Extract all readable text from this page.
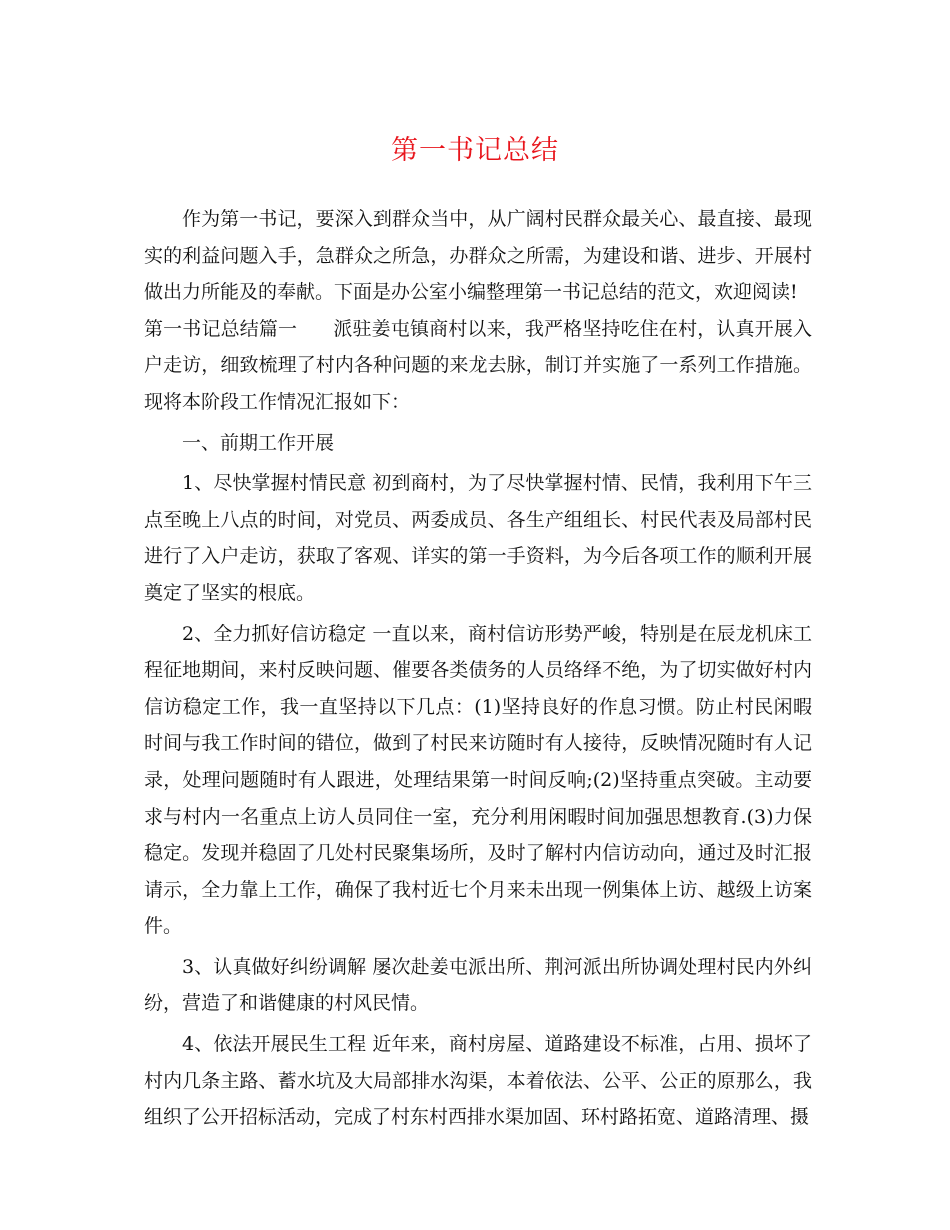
第一书记总结

作为第一书记，要深入到群众当中，从广阔村民群众最关心、最直接、最现实的利益问题入手，急群众之所急，办群众之所需，为建设和谐、进步、开展村做出力所能及的奉献。下面是办公室小编整理第一书记总结的范文，欢迎阅读!

第一书记总结篇一 派驻姜屯镇商村以来，我严格坚持吃住在村，认真开展入户走访，细致梳理了村内各种问题的来龙去脉，制订并实施了一系列工作措施。现将本阶段工作情况汇报如下：

一、前期工作开展

1、尽快掌握村情民意 初到商村，为了尽快掌握村情、民情，我利用下午三点至晚上八点的时间，对党员、两委成员、各生产组组长、村民代表及局部村民进行了入户走访，获取了客观、详实的第一手资料，为今后各项工作的顺利开展奠定了坚实的根底。

2、全力抓好信访稳定 一直以来，商村信访形势严峻，特别是在辰龙机床工程征地期间，来村反映问题、催要各类债务的人员络绎不绝，为了切实做好村内信访稳定工作，我一直坚持以下几点：(1)坚持良好的作息习惯。防止村民闲暇时间与我工作时间的错位，做到了村民来访随时有人接待，反映情况随时有人记录，处理问题随时有人跟进，处理结果第一时间反响;(2)坚持重点突破。主动要求与村内一名重点上访人员同住一室，充分利用闲暇时间加强思想教育.(3)力保稳定。发现并稳固了几处村民聚集场所，及时了解村内信访动向，通过及时汇报请示，全力靠上工作，确保了我村近七个月来未出现一例集体上访、越级上访案件。

3、认真做好纠纷调解 屡次赴姜屯派出所、荆河派出所协调处理村民内外纠纷，营造了和谐健康的村风民情。

4、依法开展民生工程 近年来，商村房屋、道路建设不标准，占用、损坏了村内几条主路、蓄水坑及大局部排水沟渠，本着依法、公平、公正的原那么，我组织了公开招标活动，完成了村东村西排水渠加固、环村路拓宽、道路清理、摄
